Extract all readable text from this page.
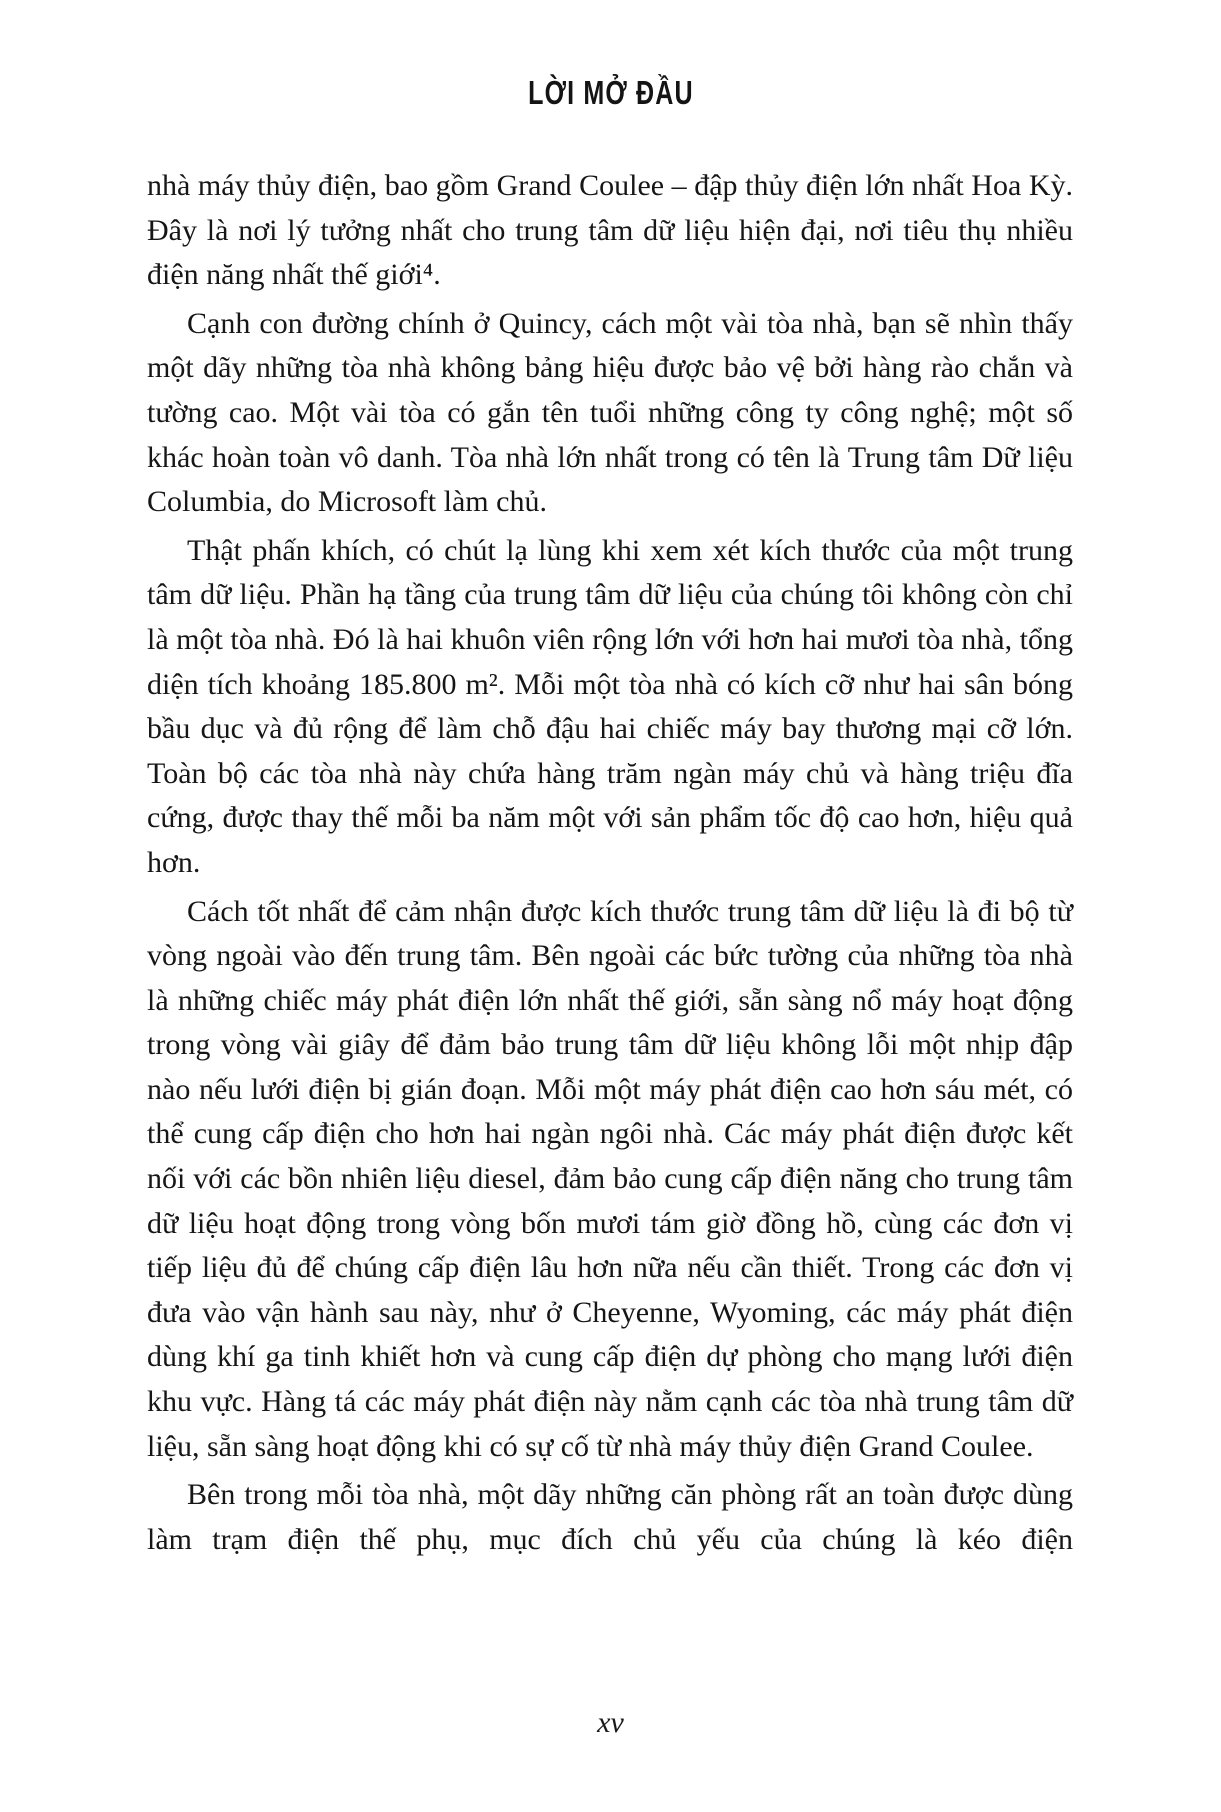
LỜI MỞ ĐẦU

nhà máy thủy điện, bao gồm Grand Coulee – đập thủy điện lớn nhất Hoa Kỳ. Đây là nơi lý tưởng nhất cho trung tâm dữ liệu hiện đại, nơi tiêu thụ nhiều điện năng nhất thế giới⁴.

Cạnh con đường chính ở Quincy, cách một vài tòa nhà, bạn sẽ nhìn thấy một dãy những tòa nhà không bảng hiệu được bảo vệ bởi hàng rào chắn và tường cao. Một vài tòa có gắn tên tuổi những công ty công nghệ; một số khác hoàn toàn vô danh. Tòa nhà lớn nhất trong có tên là Trung tâm Dữ liệu Columbia, do Microsoft làm chủ.

Thật phấn khích, có chút lạ lùng khi xem xét kích thước của một trung tâm dữ liệu. Phần hạ tầng của trung tâm dữ liệu của chúng tôi không còn chỉ là một tòa nhà. Đó là hai khuôn viên rộng lớn với hơn hai mươi tòa nhà, tổng diện tích khoảng 185.800 m². Mỗi một tòa nhà có kích cỡ như hai sân bóng bầu dục và đủ rộng để làm chỗ đậu hai chiếc máy bay thương mại cỡ lớn. Toàn bộ các tòa nhà này chứa hàng trăm ngàn máy chủ và hàng triệu đĩa cứng, được thay thế mỗi ba năm một với sản phẩm tốc độ cao hơn, hiệu quả hơn.

Cách tốt nhất để cảm nhận được kích thước trung tâm dữ liệu là đi bộ từ vòng ngoài vào đến trung tâm. Bên ngoài các bức tường của những tòa nhà là những chiếc máy phát điện lớn nhất thế giới, sẵn sàng nổ máy hoạt động trong vòng vài giây để đảm bảo trung tâm dữ liệu không lỗi một nhịp đập nào nếu lưới điện bị gián đoạn. Mỗi một máy phát điện cao hơn sáu mét, có thể cung cấp điện cho hơn hai ngàn ngôi nhà. Các máy phát điện được kết nối với các bồn nhiên liệu diesel, đảm bảo cung cấp điện năng cho trung tâm dữ liệu hoạt động trong vòng bốn mươi tám giờ đồng hồ, cùng các đơn vị tiếp liệu đủ để chúng cấp điện lâu hơn nữa nếu cần thiết. Trong các đơn vị đưa vào vận hành sau này, như ở Cheyenne, Wyoming, các máy phát điện dùng khí ga tinh khiết hơn và cung cấp điện dự phòng cho mạng lưới điện khu vực. Hàng tá các máy phát điện này nằm cạnh các tòa nhà trung tâm dữ liệu, sẵn sàng hoạt động khi có sự cố từ nhà máy thủy điện Grand Coulee.

Bên trong mỗi tòa nhà, một dãy những căn phòng rất an toàn được dùng làm trạm điện thế phụ, mục đích chủ yếu của chúng là kéo điện

xv
